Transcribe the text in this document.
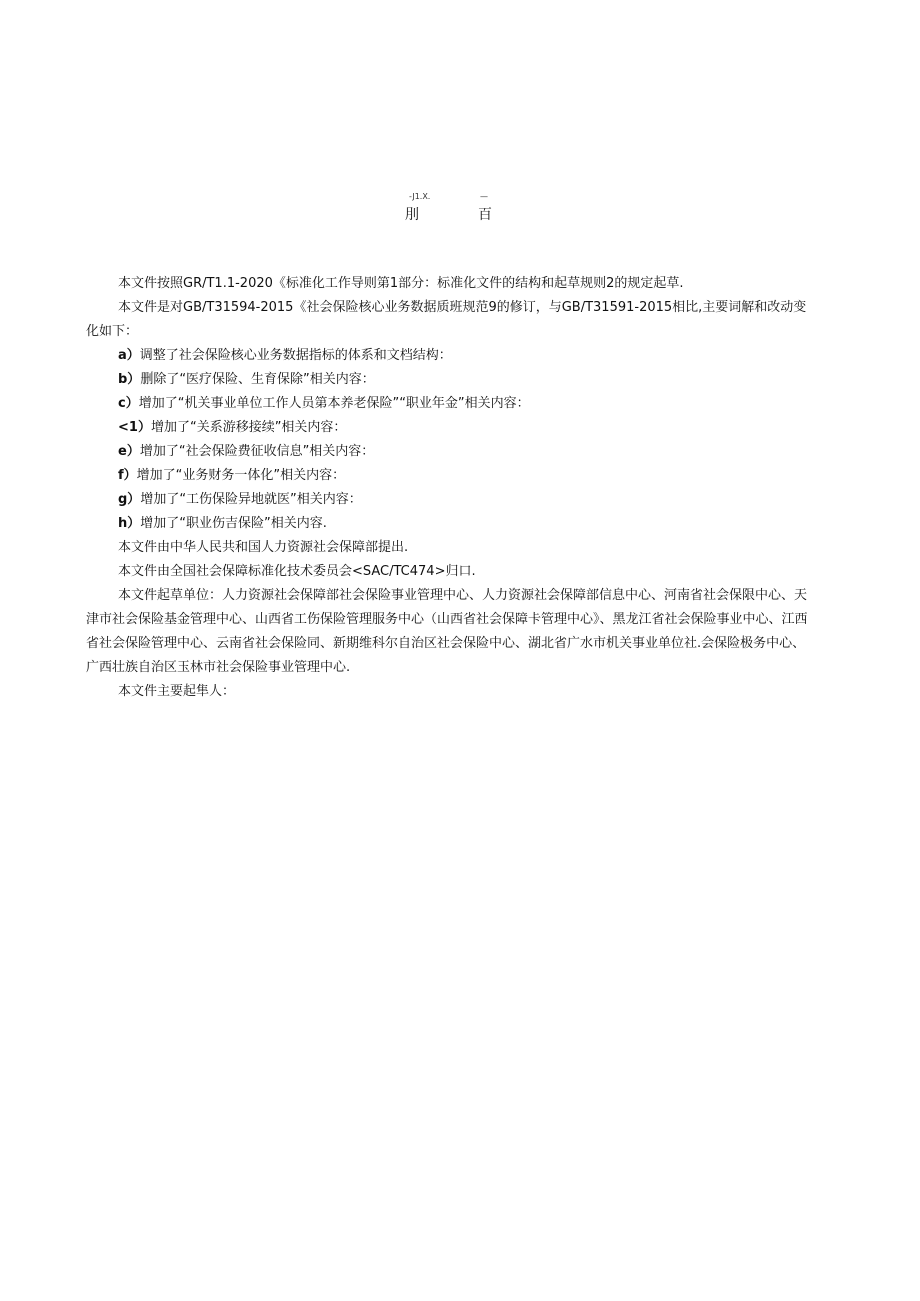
-J1.X.	—
刖	百

本文件按照GR/T1.1-2020《标准化工作导则第1部分：标准化文件的结构和起草规则2的规定起草.

本文件是对GB/T31594-2015《社会保险核心业务数据质班规范9的修订，与GB/T31591-2015相比,主要词解和改动变化如下：

a）调整了社会保险核心业务数据指标的体系和文档结构：

b）删除了“医疗保险、生育保除”相关内容：

c）增加了“机关事业单位工作人员第本养老保险”“职业年金”相关内容：

<1）增加了“关系游移接续”相关内容：

e）增加了“社会保险费征收信息”相关内容：

f）增加了“业务财务一体化”相关内容：

g）增加了“工伤保险异地就医”相关内容：

h）增加了“职业伤吉保险”相关内容.

本文件由中华人民共和国人力资源社会保障部提出.

本文件由全国社会保障标准化技术委员会<SAC/TC474>归口.

本文件起草单位：人力资源社会保障部社会保险事业管理中心、人力资源社会保障部信息中心、河南省社会保限中心、天津市社会保险基金管理中心、山西省工伤保险管理服务中心（山西省社会保障卡管理中心》、黑龙江省社会保险事业中心、江西省社会保险管理中心、云南省社会保险同、新期维科尔自治区社会保险中心、湖北省广水市机关事业单位社.会保险极务中心、广西壮族自治区玉林市社会保险事业管理中心.

本文件主要起隼人：
